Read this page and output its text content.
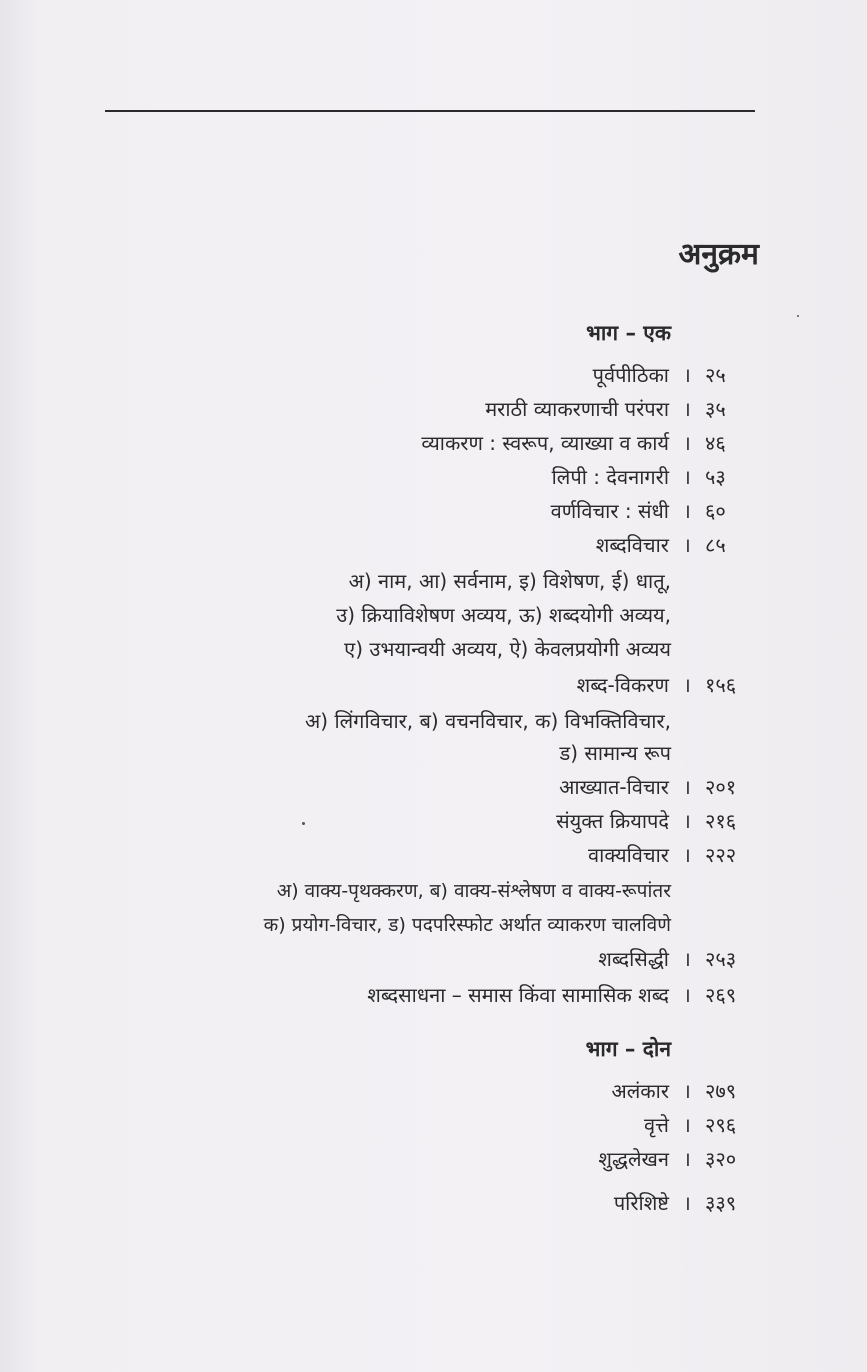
अनुक्रम
भाग – एक
पूर्वपीठिका । २५
मराठी व्याकरणाची परंपरा । ३५
व्याकरण : स्वरूप, व्याख्या व कार्य । ४६
लिपी : देवनागरी । ५३
वर्णविचार : संधी । ६०
शब्दविचार । ८५
अ) नाम, आ) सर्वनाम, इ) विशेषण, ई) धातू,
उ) क्रियाविशेषण अव्यय, ऊ) शब्दयोगी अव्यय,
ए) उभयान्वयी अव्यय, ऐ) केवलप्रयोगी अव्यय
शब्द-विकरण । १५६
अ) लिंगविचार, ब) वचनविचार, क) विभक्तिविचार,
ड) सामान्य रूप
आख्यात-विचार । २०१
संयुक्त क्रियापदे । २१६
वाक्यविचार । २२२
अ) वाक्य-पृथक्करण, ब) वाक्य-संश्लेषण व वाक्य-रूपांतर
क) प्रयोग-विचार, ड) पदपरिस्फोट अर्थात व्याकरण चालविणे
शब्दसिद्धी । २५३
शब्दसाधना – समास किंवा सामासिक शब्द । २६९
भाग – दोन
अलंकार । २७९
वृत्ते । २९६
शुद्धलेखन । ३२०
परिशिष्टे । ३३९
